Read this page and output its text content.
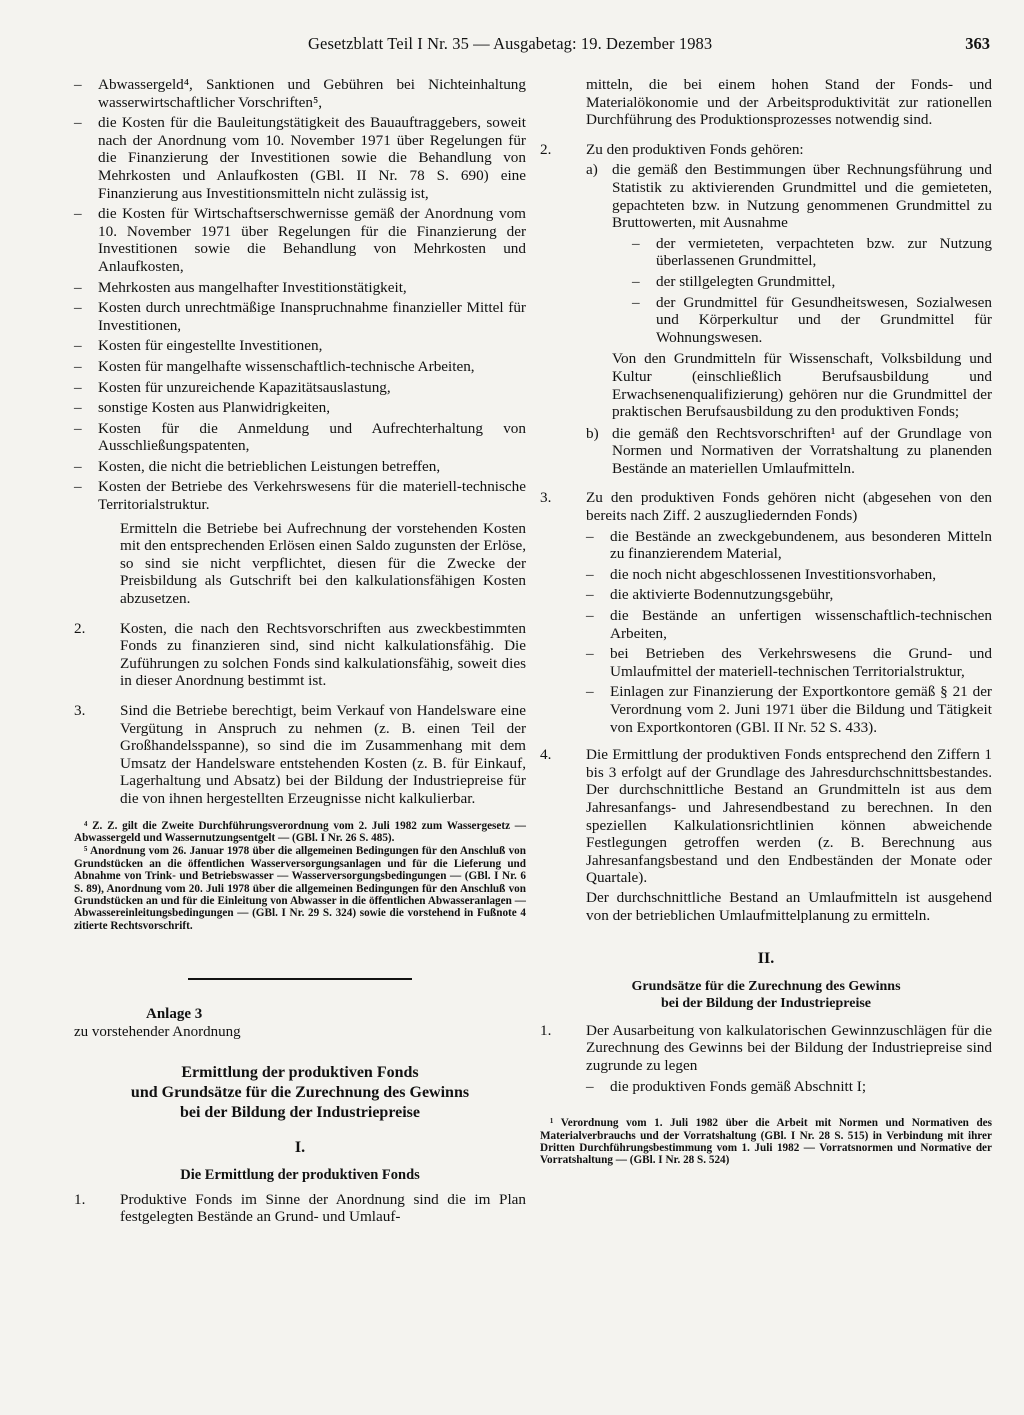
Gesetzblatt Teil I Nr. 35 — Ausgabetag: 19. Dezember 1983	363

– Abwassergeld⁴, Sanktionen und Gebühren bei Nichteinhaltung wasserwirtschaftlicher Vorschriften⁵,

– die Kosten für die Bauleitungstätigkeit des Bauauftraggebers, soweit nach der Anordnung vom 10. November 1971 über Regelungen für die Finanzierung der Investitionen sowie die Behandlung von Mehrkosten und Anlaufkosten (GBl. II Nr. 78 S. 690) eine Finanzierung aus Investitionsmitteln nicht zulässig ist,

– die Kosten für Wirtschaftserschwernisse gemäß der Anordnung vom 10. November 1971 über Regelungen für die Finanzierung der Investitionen sowie die Behandlung von Mehrkosten und Anlaufkosten,

– Mehrkosten aus mangelhafter Investitionstätigkeit,

– Kosten durch unrechtmäßige Inanspruchnahme finanzieller Mittel für Investitionen,

– Kosten für eingestellte Investitionen,

– Kosten für mangelhafte wissenschaftlich-technische Arbeiten,

– Kosten für unzureichende Kapazitätsauslastung,

– sonstige Kosten aus Planwidrigkeiten,

– Kosten für die Anmeldung und Aufrechterhaltung von Ausschließungspatenten,

– Kosten, die nicht die betrieblichen Leistungen betreffen,

– Kosten der Betriebe des Verkehrswesens für die materiell-technische Territorialstruktur.

Ermitteln die Betriebe bei Aufrechnung der vorstehenden Kosten mit den entsprechenden Erlösen einen Saldo zugunsten der Erlöse, so sind sie nicht verpflichtet, diesen für die Zwecke der Preisbildung als Gutschrift bei den kalkulationsfähigen Kosten abzusetzen.

2. Kosten, die nach den Rechtsvorschriften aus zweckbestimmten Fonds zu finanzieren sind, sind nicht kalkulationsfähig. Die Zuführungen zu solchen Fonds sind kalkulationsfähig, soweit dies in dieser Anordnung bestimmt ist.

3. Sind die Betriebe berechtigt, beim Verkauf von Handelsware eine Vergütung in Anspruch zu nehmen (z. B. einen Teil der Großhandelsspanne), so sind die im Zusammenhang mit dem Umsatz der Handelsware entstehenden Kosten (z. B. für Einkauf, Lagerhaltung und Absatz) bei der Bildung der Industriepreise für die von ihnen hergestellten Erzeugnisse nicht kalkulierbar.

⁴ Z. Z. gilt die Zweite Durchführungsverordnung vom 2. Juli 1982 zum Wassergesetz — Abwassergeld und Wassernutzungsentgelt — (GBl. I Nr. 26 S. 485).

⁵ Anordnung vom 26. Januar 1978 über die allgemeinen Bedingungen für den Anschluß von Grundstücken an die öffentlichen Wasserversorgungsanlagen und für die Lieferung und Abnahme von Trink- und Betriebswasser — Wasserversorgungsbedingungen — (GBl. I Nr. 6 S. 89), Anordnung vom 20. Juli 1978 über die allgemeinen Bedingungen für den Anschluß von Grundstücken an und für die Einleitung von Abwasser in die öffentlichen Abwasseranlagen — Abwassereinleitungsbedingungen — (GBl. I Nr. 29 S. 324) sowie die vorstehend in Fußnote 4 zitierte Rechtsvorschrift.

Anlage 3

zu vorstehender Anordnung

Ermittlung der produktiven Fonds

und Grundsätze für die Zurechnung des Gewinns

bei der Bildung der Industriepreise

I.

Die Ermittlung der produktiven Fonds

1. Produktive Fonds im Sinne der Anordnung sind die im Plan festgelegten Bestände an Grund- und Umlauf-

mitteln, die bei einem hohen Stand der Fonds- und Materialökonomie und der Arbeitsproduktivität zur rationellen Durchführung des Produktionsprozesses notwendig sind.

2. Zu den produktiven Fonds gehören:

a) die gemäß den Bestimmungen über Rechnungsführung und Statistik zu aktivierenden Grundmittel und die gemieteten, gepachteten bzw. in Nutzung genommenen Grundmittel zu Bruttowerten, mit Ausnahme

– der vermieteten, verpachteten bzw. zur Nutzung überlassenen Grundmittel,

– der stillgelegten Grundmittel,

– der Grundmittel für Gesundheitswesen, Sozialwesen und Körperkultur und der Grundmittel für Wohnungswesen.

Von den Grundmitteln für Wissenschaft, Volksbildung und Kultur (einschließlich Berufsausbildung und Erwachsenenqualifizierung) gehören nur die Grundmittel der praktischen Berufsausbildung zu den produktiven Fonds;

b) die gemäß den Rechtsvorschriften¹ auf der Grundlage von Normen und Normativen der Vorratshaltung zu planenden Bestände an materiellen Umlaufmitteln.

3. Zu den produktiven Fonds gehören nicht (abgesehen von den bereits nach Ziff. 2 auszugliedernden Fonds)

– die Bestände an zweckgebundenem, aus besonderen Mitteln zu finanzierendem Material,

– die noch nicht abgeschlossenen Investitionsvorhaben,

– die aktivierte Bodennutzungsgebühr,

– die Bestände an unfertigen wissenschaftlich-technischen Arbeiten,

– bei Betrieben des Verkehrswesens die Grund- und Umlaufmittel der materiell-technischen Territorialstruktur,

– Einlagen zur Finanzierung der Exportkontore gemäß § 21 der Verordnung vom 2. Juni 1971 über die Bildung und Tätigkeit von Exportkontoren (GBl. II Nr. 52 S. 433).

4. Die Ermittlung der produktiven Fonds entsprechend den Ziffern 1 bis 3 erfolgt auf der Grundlage des Jahresdurchschnittsbestandes. Der durchschnittliche Bestand an Grundmitteln ist aus dem Jahresanfangs- und Jahresendbestand zu berechnen. In den speziellen Kalkulationsrichtlinien können abweichende Festlegungen getroffen werden (z. B. Berechnung aus Jahresanfangsbestand und den Endbeständen der Monate oder Quartale).

Der durchschnittliche Bestand an Umlaufmitteln ist ausgehend von der betrieblichen Umlaufmittelplanung zu ermitteln.

II.

Grundsätze für die Zurechnung des Gewinns

bei der Bildung der Industriepreise

1. Der Ausarbeitung von kalkulatorischen Gewinnzuschlägen für die Zurechnung des Gewinns bei der Bildung der Industriepreise sind zugrunde zu legen

– die produktiven Fonds gemäß Abschnitt I;

¹ Verordnung vom 1. Juli 1982 über die Arbeit mit Normen und Normativen des Materialverbrauchs und der Vorratshaltung (GBl. I Nr. 28 S. 515) in Verbindung mit ihrer Dritten Durchführungsbestimmung vom 1. Juli 1982 — Vorratsnormen und Normative der Vorratshaltung — (GBl. I Nr. 28 S. 524)
